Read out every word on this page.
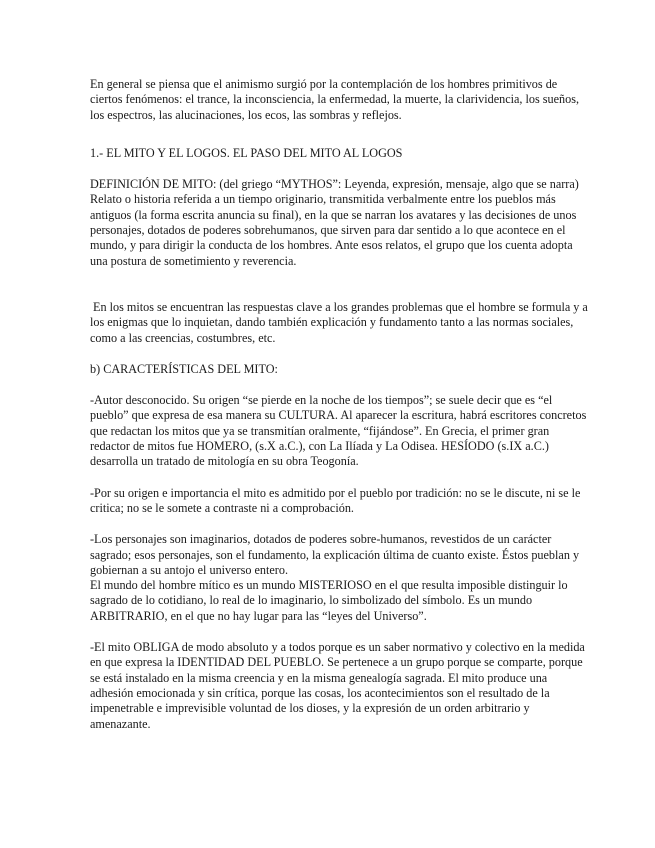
En general se piensa que el animismo surgió por la contemplación de los hombres primitivos de ciertos fenómenos: el trance, la inconsciencia, la enfermedad, la muerte, la clarividencia, los sueños, los espectros, las alucinaciones, los ecos, las sombras y reflejos.

1.- EL MITO Y EL LOGOS. EL PASO DEL MITO AL LOGOS

DEFINICIÓN DE MITO: (del griego “MYTHOS”: Leyenda, expresión, mensaje, algo que se narra) Relato o historia referida a un tiempo originario, transmitida verbalmente entre los pueblos más antiguos (la forma escrita anuncia su final), en la que se narran los avatares y las decisiones de unos personajes, dotados de poderes sobrehumanos, que sirven para dar sentido a lo que acontece en el mundo, y para dirigir la conducta de los hombres. Ante esos relatos, el grupo que los cuenta adopta una postura de sometimiento y reverencia.

En los mitos se encuentran las respuestas clave a los grandes problemas que el hombre se formula y a los enigmas que lo inquietan, dando también explicación y fundamento tanto a las normas sociales, como a las creencias, costumbres, etc.

b) CARACTERÍSTICAS DEL MITO:

-Autor desconocido. Su origen “se pierde en la noche de los tiempos”; se suele decir que es “el pueblo” que expresa de esa manera su CULTURA. Al aparecer la escritura, habrá escritores concretos que redactan los mitos que ya se transmitían oralmente, “fijándose”. En Grecia, el primer gran redactor de mitos fue HOMERO, (s.X a.C.), con La Ilíada y La Odisea. HESÍODO (s.IX a.C.) desarrolla un tratado de mitología en su obra Teogonía.

-Por su origen e importancia el mito es admitido por el pueblo por tradición: no se le discute, ni se le critica; no se le somete a contraste ni a comprobación.

-Los personajes son imaginarios, dotados de poderes sobre-humanos, revestidos de un carácter sagrado; esos personajes, son el fundamento, la explicación última de cuanto existe. Éstos pueblan y gobiernan a su antojo el universo entero.

El mundo del hombre mítico es un mundo MISTERIOSO en el que resulta imposible distinguir lo sagrado de lo cotidiano, lo real de lo imaginario, lo simbolizado del símbolo. Es un mundo ARBITRARIO, en el que no hay lugar para las “leyes del Universo”.

-El mito OBLIGA de modo absoluto y a todos porque es un saber normativo y colectivo en la medida en que expresa la IDENTIDAD DEL PUEBLO. Se pertenece a un grupo porque se comparte, porque se está instalado en la misma creencia y en la misma genealogía sagrada. El mito produce una adhesión emocionada y sin crítica, porque las cosas, los acontecimientos son el resultado de la impenetrable e imprevisible voluntad de los dioses, y la expresión de un orden arbitrario y amenazante.
